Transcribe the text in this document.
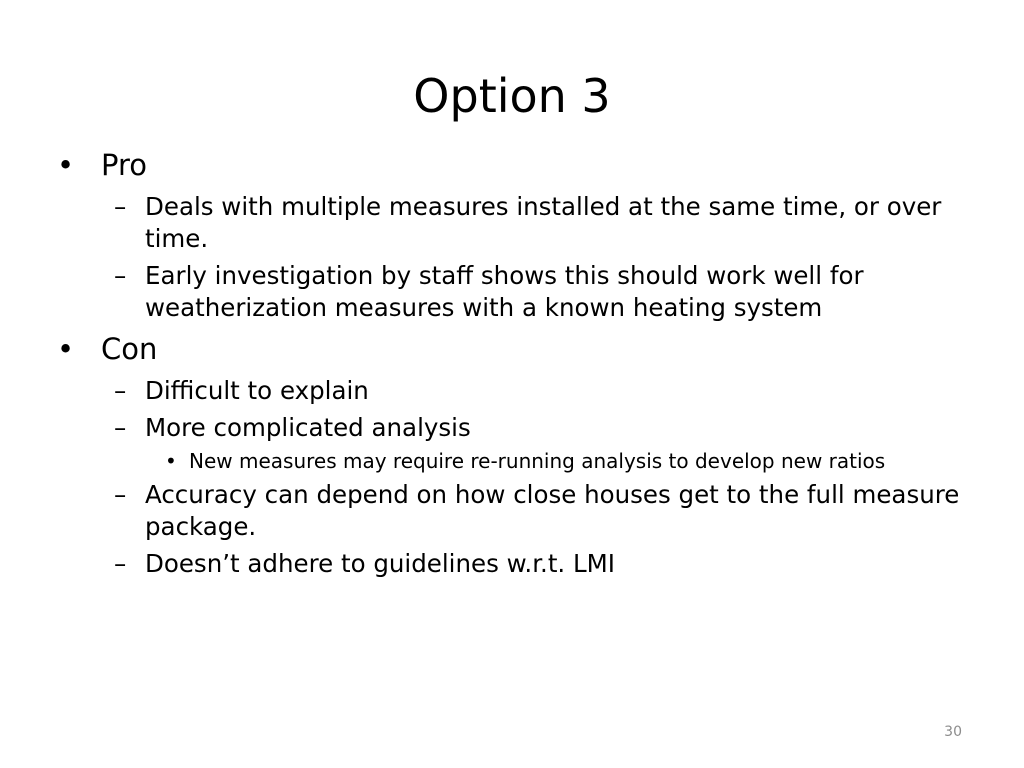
Option 3
• Pro
– Deals with multiple measures installed at the same time, or over time.
– Early investigation by staff shows this should work well for weatherization measures with a known heating system
• Con
– Difficult to explain
– More complicated analysis
• New measures may require re-running analysis to develop new ratios
– Accuracy can depend on how close houses get to the full measure package.
– Doesn’t adhere to guidelines w.r.t. LMI
30
